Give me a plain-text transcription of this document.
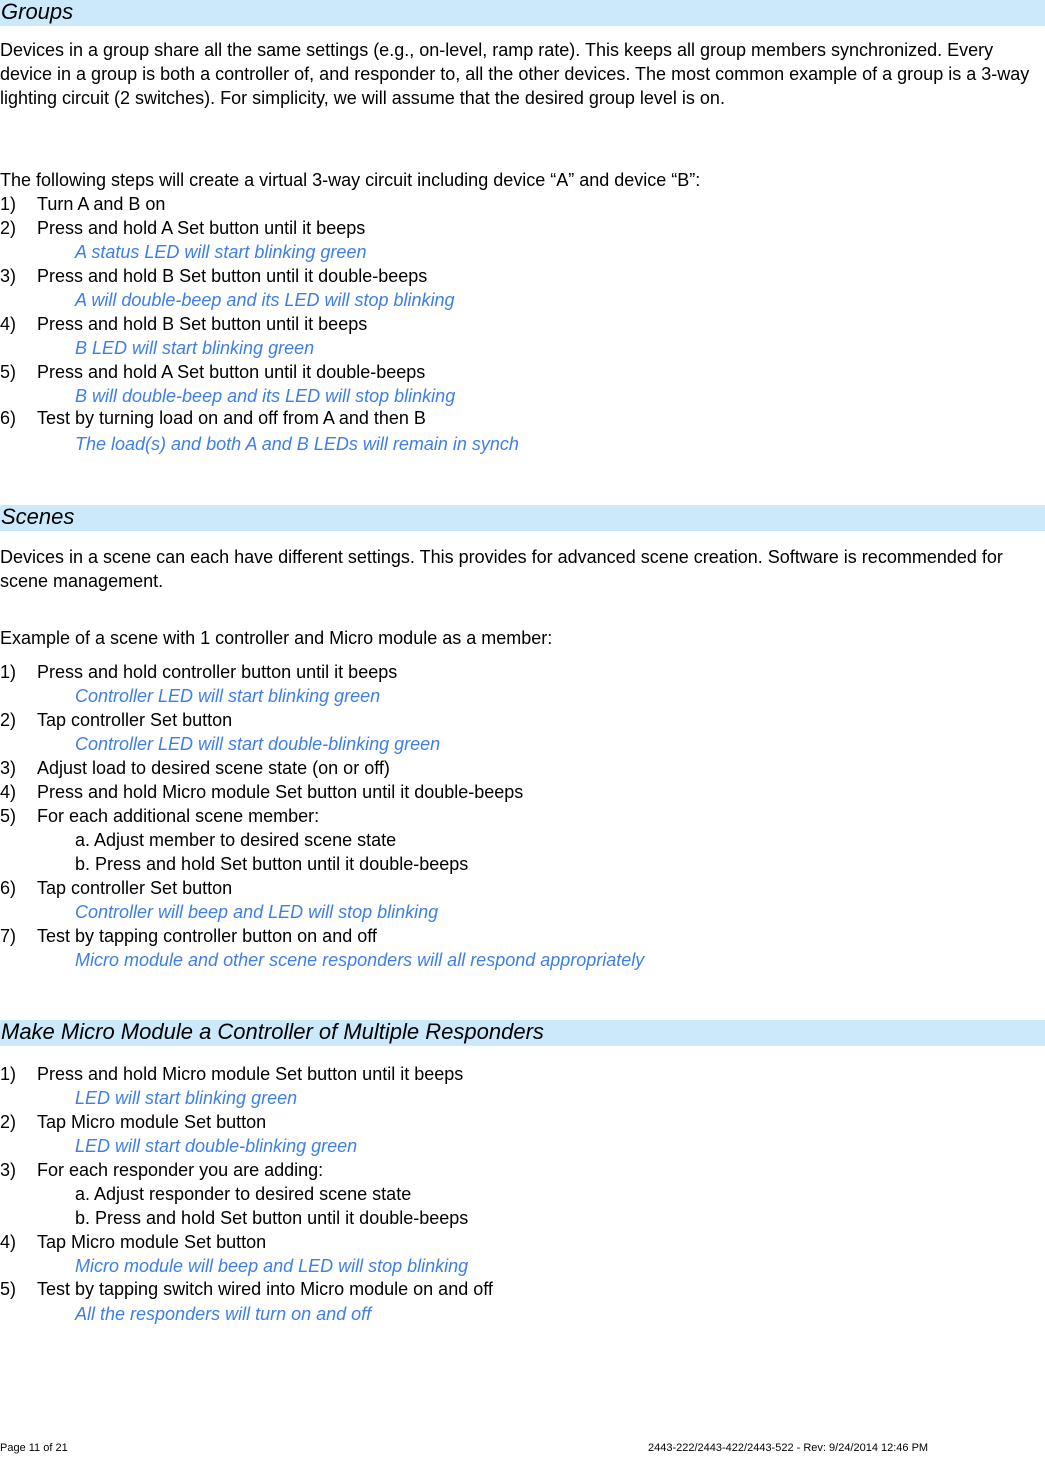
Groups

Devices in a group share all the same settings (e.g., on-level, ramp rate). This keeps all group members synchronized. Every device in a group is both a controller of, and responder to, all the other devices. The most common example of a group is a 3-way lighting circuit (2 switches). For simplicity, we will assume that the desired group level is on.

The following steps will create a virtual 3-way circuit including device “A” and device “B”:
1) Turn A and B on
2) Press and hold A Set button until it beeps
A status LED will start blinking green
3) Press and hold B Set button until it double-beeps
A will double-beep and its LED will stop blinking
4) Press and hold B Set button until it beeps
B LED will start blinking green
5) Press and hold A Set button until it double-beeps
B will double-beep and its LED will stop blinking
6) Test by turning load on and off from A and then B
The load(s) and both A and B LEDs will remain in synch
Scenes

Devices in a scene can each have different settings. This provides for advanced scene creation. Software is recommended for scene management.

Example of a scene with 1 controller and Micro module as a member:
1) Press and hold controller button until it beeps
Controller LED will start blinking green
2) Tap controller Set button
Controller LED will start double-blinking green
3) Adjust load to desired scene state (on or off)
4) Press and hold Micro module Set button until it double-beeps
5) For each additional scene member:
a. Adjust member to desired scene state
b. Press and hold Set button until it double-beeps
6) Tap controller Set button
Controller will beep and LED will stop blinking
7) Test by tapping controller button on and off
Micro module and other scene responders will all respond appropriately
Make Micro Module a Controller of Multiple Responders
1) Press and hold Micro module Set button until it beeps
LED will start blinking green
2) Tap Micro module Set button
LED will start double-blinking green
3) For each responder you are adding:
a. Adjust responder to desired scene state
b. Press and hold Set button until it double-beeps
4) Tap Micro module Set button
Micro module will beep and LED will stop blinking
5) Test by tapping switch wired into Micro module on and off
All the responders will turn on and off
Page 11 of 21	2443-222/2443-422/2443-522 - Rev: 9/24/2014 12:46 PM
